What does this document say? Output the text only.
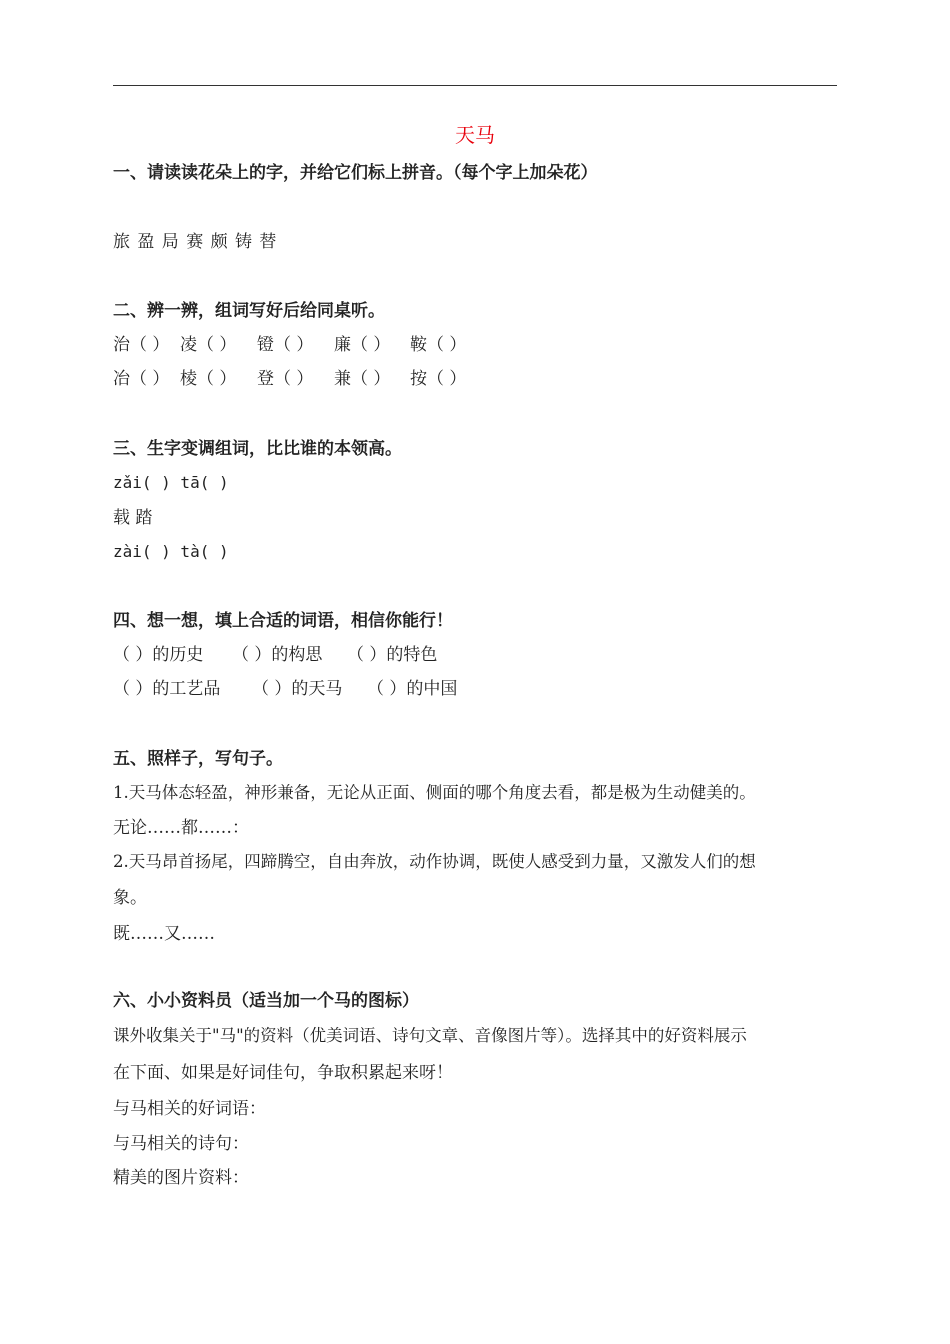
天马
一、请读读花朵上的字，并给它们标上拼音。（每个字上加朵花）
旅 盈 局 赛 颇 铸 替
二、辨一辨，组词写好后给同桌听。
治（ ） 凌（ ） 镫（ ） 廉（ ） 鞍（ ）
冶（ ） 棱（ ） 登（ ） 兼（ ） 按（ ）
三、生字变调组词，比比谁的本领高。
zǎi( ) tā( )
载 踏
zài( ) tà( )
四、想一想，填上合适的词语，相信你能行！
（ ）的历史 （ ）的构思 （ ）的特色
（ ）的工艺品 （ ）的天马 （ ）的中国
五、照样子，写句子。
1.天马体态轻盈，神形兼备，无论从正面、侧面的哪个角度去看，都是极为生动健美的。
无论……都……：
2.天马昂首扬尾，四蹄腾空，自由奔放，动作协调，既使人感受到力量，又激发人们的想
象。
既……又……
六、小小资料员（适当加一个马的图标）
课外收集关于"马"的资料（优美词语、诗句文章、音像图片等）。选择其中的好资料展示
在下面、如果是好词佳句，争取积累起来呀！
与马相关的好词语：
与马相关的诗句：
精美的图片资料：
